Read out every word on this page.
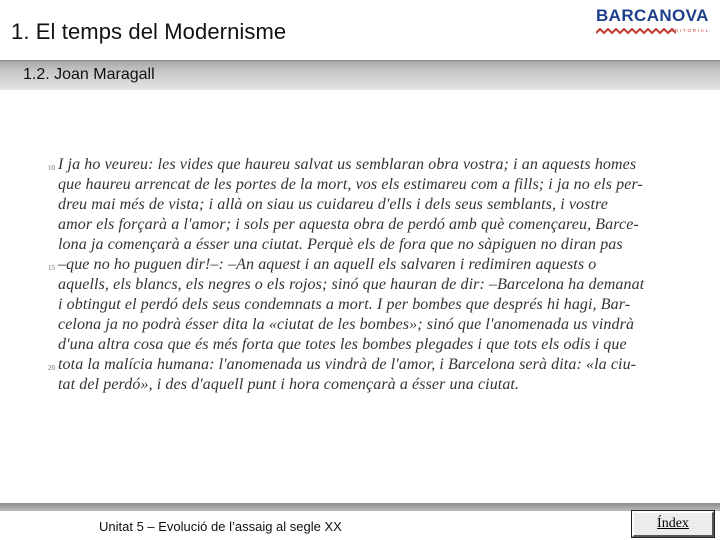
1. El temps del Modernisme
BARCANOVA
EDITORIAL
1.2. Joan Maragall
10
15
20
I ja ho veureu: les vides que haureu salvat us semblaran obra vostra; i an aquests homes
que haureu arrencat de les portes de la mort, vos els estimareu com a fills; i ja no els per-
dreu mai més de vista; i allà on siau us cuidareu d'ells i dels seus semblants, i vostre
amor els forçarà a l'amor; i sols per aquesta obra de perdó amb què començareu, Barce-
lona ja començarà a ésser una ciutat. Perquè els de fora que no sàpiguen no diran pas
–que no ho puguen dir!–: –An aquest i an aquell els salvaren i redimiren aquests o
aquells, els blancs, els negres o els rojos; sinó que hauran de dir: –Barcelona ha demanat
i obtingut el perdó dels seus condemnats a mort. I per bombes que després hi hagi, Bar-
celona ja no podrà ésser dita la «ciutat de les bombes»; sinó que l'anomenada us vindrà
d'una altra cosa que és més forta que totes les bombes plegades i que tots els odis i que
tota la malícia humana: l'anomenada us vindrà de l'amor, i Barcelona serà dita: «la ciu-
tat del perdó», i des d'aquell punt i hora començarà a ésser una ciutat.
Unitat 5 – Evolució de l’assaig al segle XX	Índex
